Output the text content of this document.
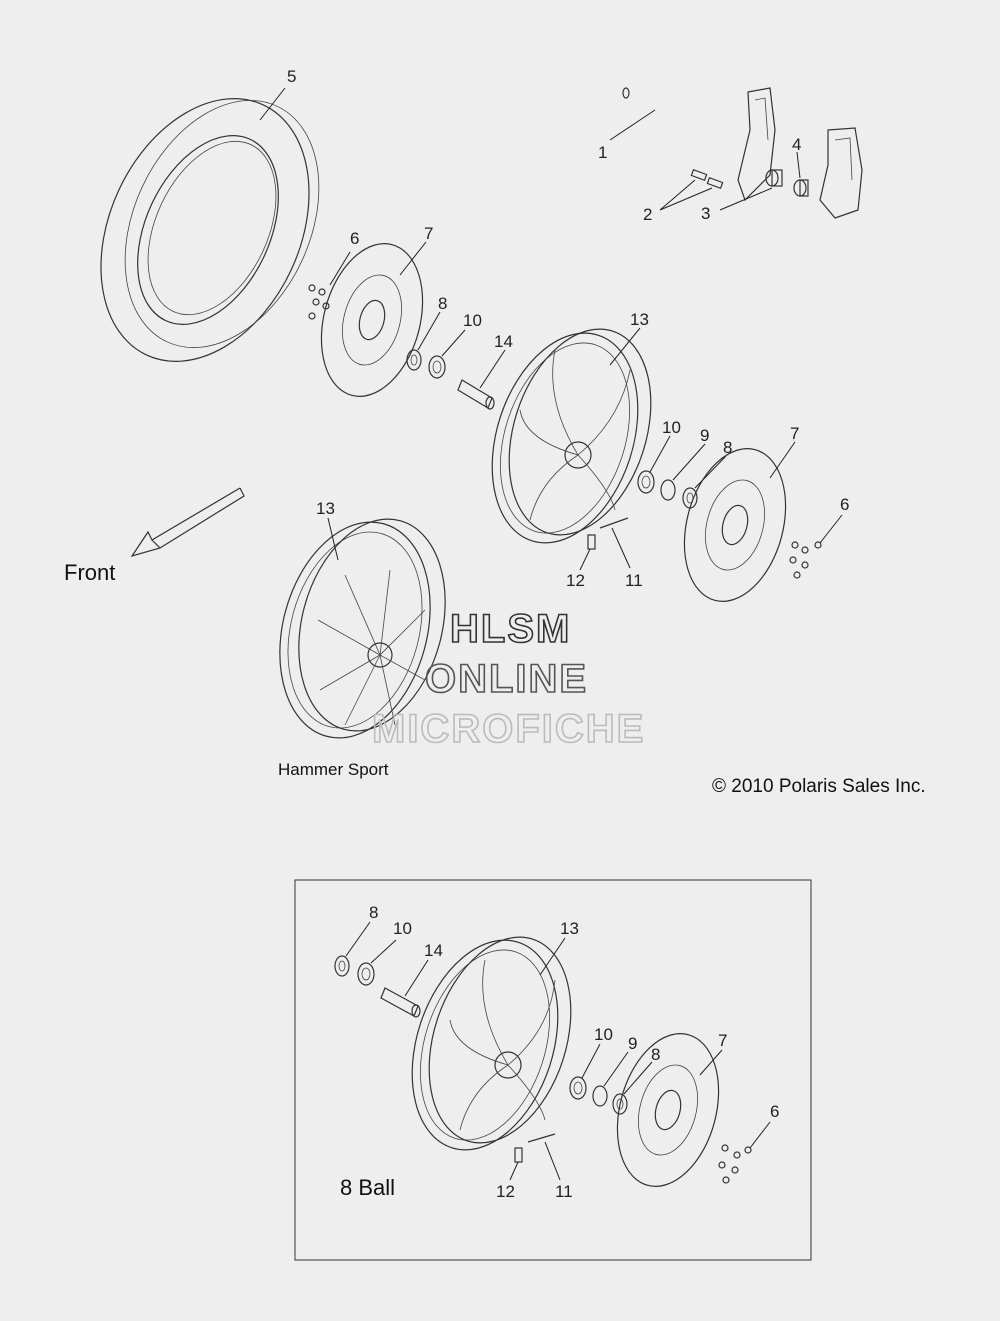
1
2	3
4
5
6	7
8
10
14
13
10 9
8
7
6
12 11
13
8
10
14
13
10 9
8
7
6
12 11
Front
Hammer Sport
© 2010 Polaris Sales Inc.
8 Ball
HLSM
ONLINE
MICROFICHE
